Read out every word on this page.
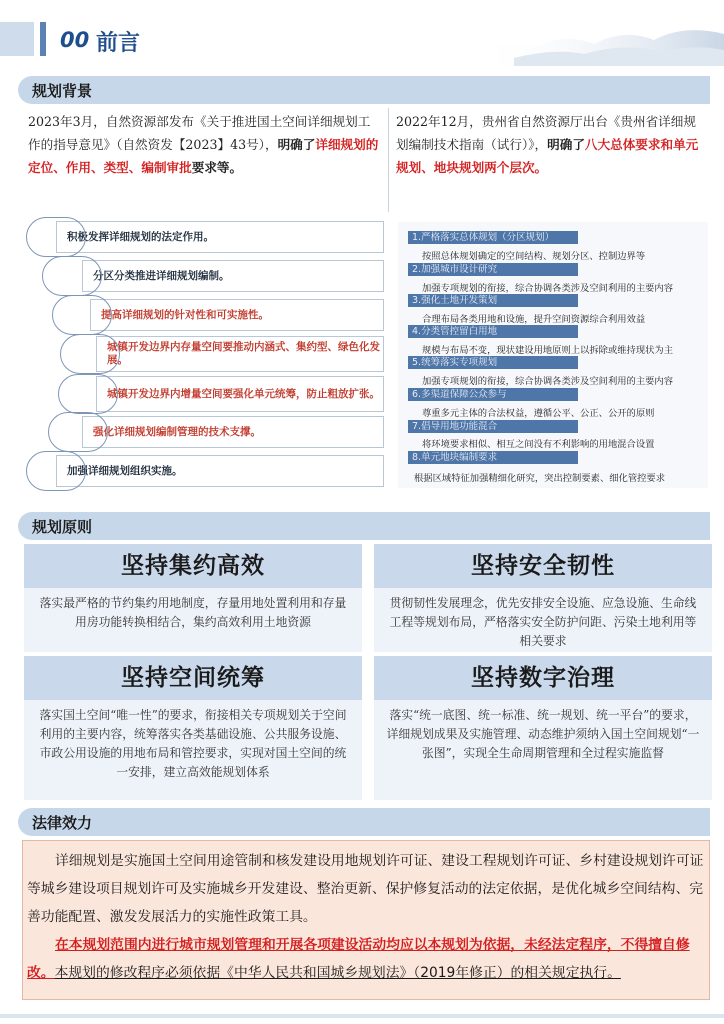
00 前言
规划背景
2023年3月，自然资源部发布《关于推进国土空间详细规划工作的指导意见》（自然资发【2023】43号），明确了详细规划的定位、作用、类型、编制审批要求等。
2022年12月，贵州省自然资源厅出台《贵州省详细规划编制技术指南（试行）》，明确了八大总体要求和单元规划、地块规划两个层次。
积极发挥详细规划的法定作用。
分区分类推进详细规划编制。
提高详细规划的针对性和可实施性。
城镇开发边界内存量空间要推动内涵式、集约型、绿色化发展。
城镇开发边界内增量空间要强化单元统筹，防止粗放扩张。
强化详细规划编制管理的技术支撑。
加强详细规划组织实施。
1.严格落实总体规划（分区规划）
按照总体规划确定的空间结构、规划分区、控制边界等
2.加强城市设计研究
加强专项规划的衔接，综合协调各类涉及空间利用的主要内容
3.强化土地开发策划
合理布局各类用地和设施，提升空间资源综合利用效益
4.分类管控留白用地
规模与布局不变，现状建设用地原则上以拆除或维持现状为主
5.统筹落实专项规划
加强专项规划的衔接，综合协调各类涉及空间利用的主要内容
6.多渠道保障公众参与
尊重多元主体的合法权益，遵循公平、公正、公开的原则
7.倡导用地功能混合
将环境要求相似、相互之间没有不利影响的用地混合设置
8.单元地块编制要求
根据区域特征加强精细化研究，突出控制要素、细化管控要求
规划原则
坚持集约高效
落实最严格的节约集约用地制度，存量用地处置利用和存量用房功能转换相结合，集约高效利用土地资源
坚持安全韧性
贯彻韧性发展理念，优先安排安全设施、应急设施、生命线工程等规划布局，严格落实安全防护问距、污染土地利用等相关要求
坚持空间统筹
落实国土空间“唯一性”的要求，衔接相关专项规划关于空间利用的主要内容，统筹落实各类基础设施、公共服务设施、市政公用设施的用地布局和管控要求，实现对国土空间的统一安排，建立高效能规划体系
坚持数字治理
落实“统一底图、统一标准、统一规划、统一平台”的要求，详细规划成果及实施管理、动态维护须纳入国土空间规划“一张图”，实现全生命周期管理和全过程实施监督
法律效力

详细规划是实施国土空间用途管制和核发建设用地规划许可证、建设工程规划许可证、乡村建设规划许可证等城乡建设项目规划许可及实施城乡开发建设、整治更新、保护修复活动的法定依据，是优化城乡空间结构、完善功能配置、激发发展活力的实施性政策工具。

在本规划范围内进行城市规划管理和开展各项建设活动均应以本规划为依据，未经法定程序，不得擅自修改。本规划的修改程序必须依据《中华人民共和国城乡规划法》（2019年修正）的相关规定执行。
